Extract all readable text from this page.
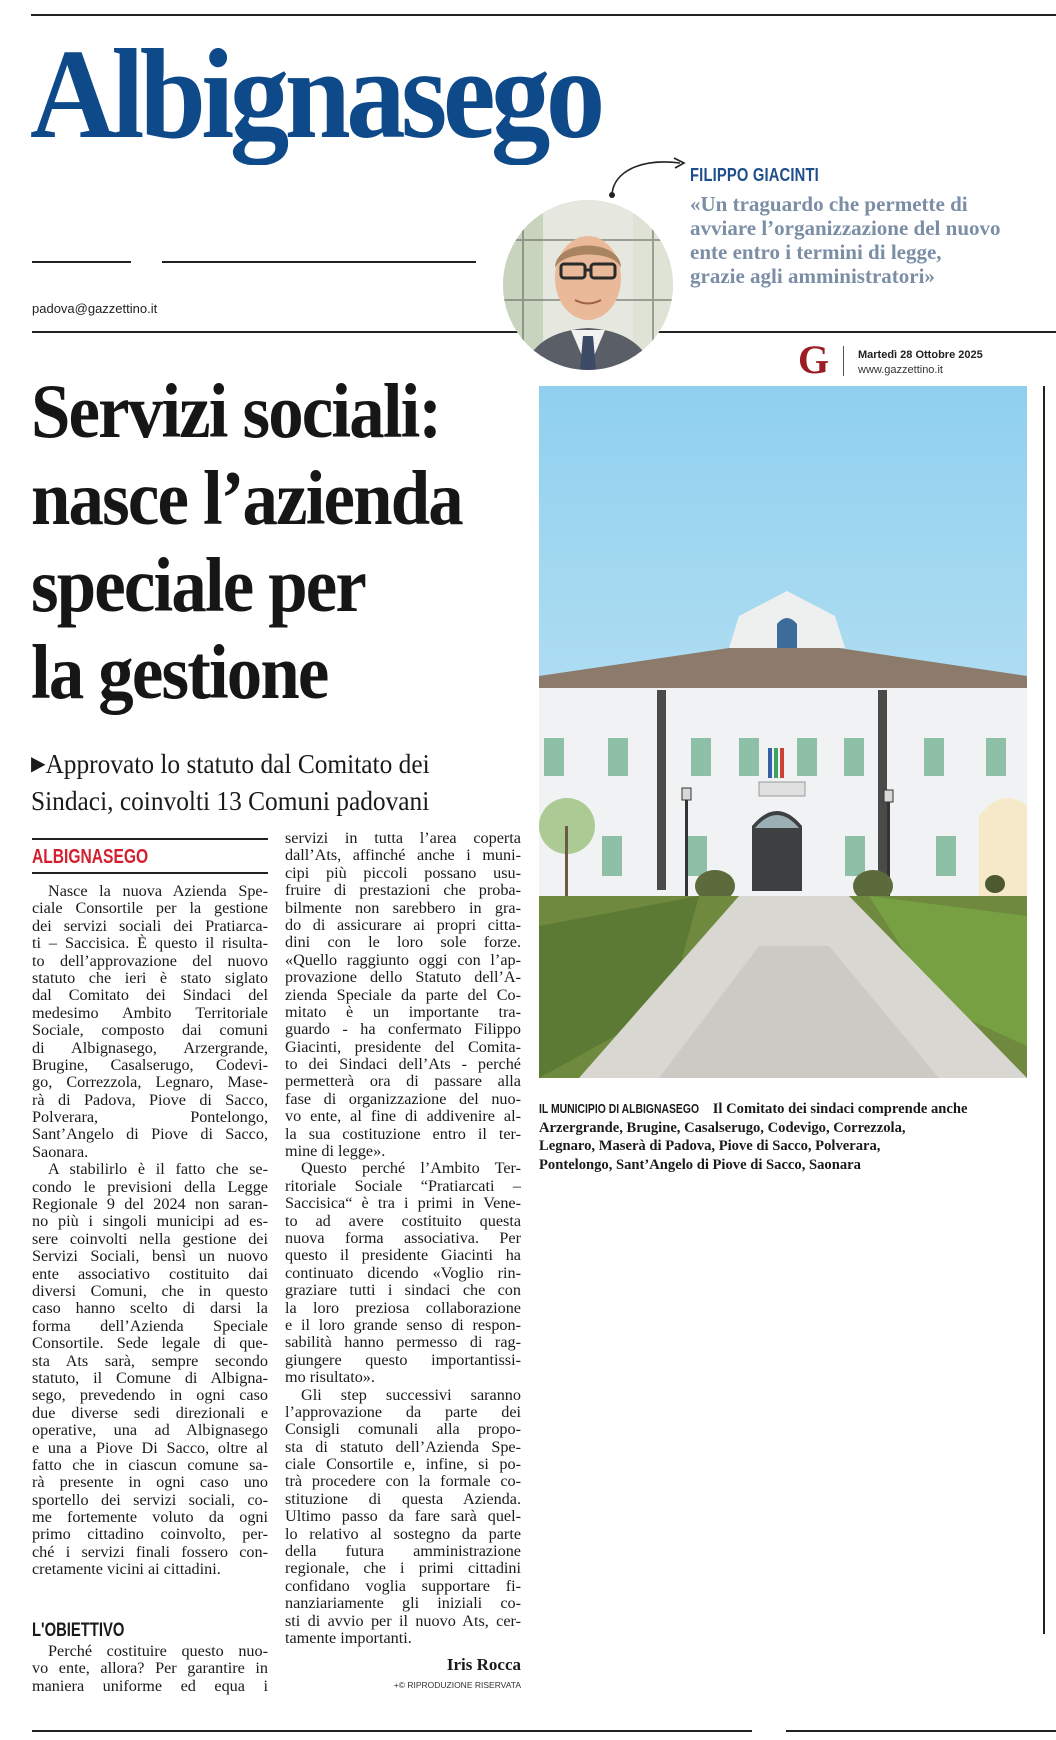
Albignasego
padova@gazzettino.it
FILIPPO GIACINTI
«Un traguardo che permette di
avviare l’organizzazione del nuovo
ente entro i termini di legge,
grazie agli amministratori»
G	Martedì 28 Ottobre 2025
www.gazzettino.it
Servizi sociali:
nasce l’azienda
speciale per
la gestione
▶Approvato lo statuto dal Comitato dei
Sindaci, coinvolti 13 Comuni padovani
ALBIGNASEGO
Nasce la nuova Azienda Spe-
ciale Consortile per la gestione
dei servizi sociali dei Pratiarca-
ti – Saccisica. È questo il risulta-
to dell’approvazione del nuovo
statuto che ieri è stato siglato
dal Comitato dei Sindaci del
medesimo Ambito Territoriale
Sociale, composto dai comuni
di Albignasego, Arzergrande,
Brugine, Casalserugo, Codevi-
go, Correzzola, Legnaro, Mase-
rà di Padova, Piove di Sacco,
Polverara, Pontelongo,
Sant’Angelo di Piove di Sacco,
Saonara.
A stabilirlo è il fatto che se-
condo le previsioni della Legge
Regionale 9 del 2024 non saran-
no più i singoli municipi ad es-
sere coinvolti nella gestione dei
Servizi Sociali, bensì un nuovo
ente associativo costituito dai
diversi Comuni, che in questo
caso hanno scelto di darsi la
forma dell’Azienda Speciale
Consortile. Sede legale di que-
sta Ats sarà, sempre secondo
statuto, il Comune di Albigna-
sego, prevedendo in ogni caso
due diverse sedi direzionali e
operative, una ad Albignasego
e una a Piove Di Sacco, oltre al
fatto che in ciascun comune sa-
rà presente in ogni caso uno
sportello dei servizi sociali, co-
me fortemente voluto da ogni
primo cittadino coinvolto, per-
ché i servizi finali fossero con-
cretamente vicini ai cittadini.
L'OBIETTIVO
Perché costituire questo nuo-
vo ente, allora? Per garantire in
maniera uniforme ed equa i
servizi in tutta l’area coperta
dall’Ats, affinché anche i muni-
cipi più piccoli possano usu-
fruire di prestazioni che proba-
bilmente non sarebbero in gra-
do di assicurare ai propri citta-
dini con le loro sole forze.
«Quello raggiunto oggi con l’ap-
provazione dello Statuto dell’A-
zienda Speciale da parte del Co-
mitato è un importante tra-
guardo - ha confermato Filippo
Giacinti, presidente del Comita-
to dei Sindaci dell’Ats - perché
permetterà ora di passare alla
fase di organizzazione del nuo-
vo ente, al fine di addivenire al-
la sua costituzione entro il ter-
mine di legge».
Questo perché l’Ambito Ter-
ritoriale Sociale “Pratiarcati –
Saccisica“ è tra i primi in Vene-
to ad avere costituito questa
nuova forma associativa. Per
questo il presidente Giacinti ha
continuato dicendo «Voglio rin-
graziare tutti i sindaci che con
la loro preziosa collaborazione
e il loro grande senso di respon-
sabilità hanno permesso di rag-
giungere questo importantissi-
mo risultato».
Gli step successivi saranno
l’approvazione da parte dei
Consigli comunali alla propo-
sta di statuto dell’Azienda Spe-
ciale Consortile e, infine, si po-
trà procedere con la formale co-
stituzione di questa Azienda.
Ultimo passo da fare sarà quel-
lo relativo al sostegno da parte
della futura amministrazione
regionale, che i primi cittadini
confidano voglia supportare fi-
nanziariamente gli iniziali co-
sti di avvio per il nuovo Ats, cer-
tamente importanti.
Iris Rocca
+© RIPRODUZIONE RISERVATA
IL MUNICIPIO DI ALBIGNASEGO Il Comitato dei sindaci comprende anche
Arzergrande, Brugine, Casalserugo, Codevigo, Correzzola,
Legnaro, Maserà di Padova, Piove di Sacco, Polverara,
Pontelongo, Sant’Angelo di Piove di Sacco, Saonara
